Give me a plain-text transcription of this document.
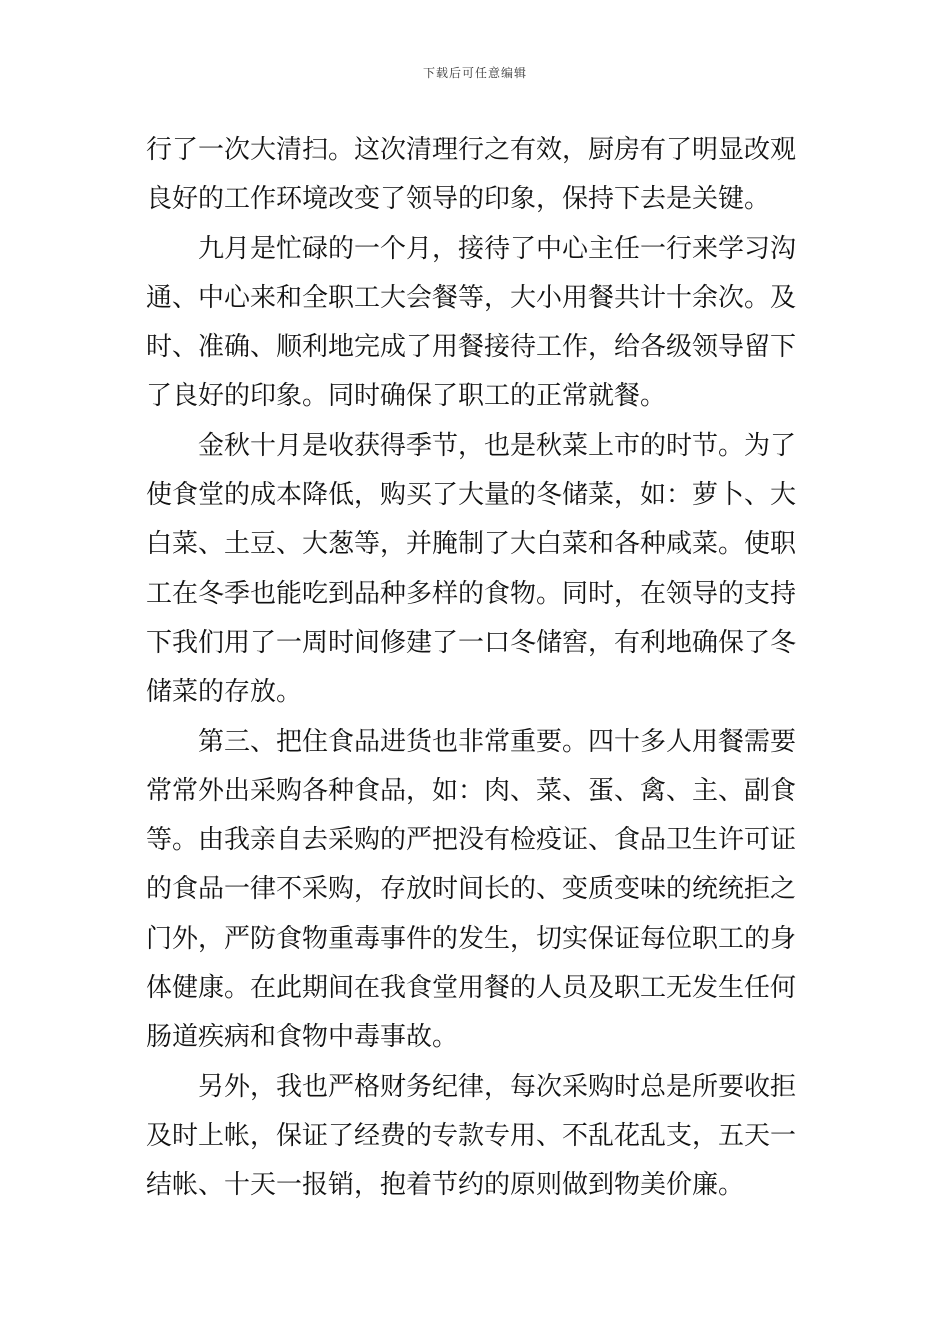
下载后可任意编辑
行了一次大清扫。这次清理行之有效，厨房有了明显改观
良好的工作环境改变了领导的印象，保持下去是关键。
九月是忙碌的一个月，接待了中心主任一行来学习沟
通、中心来和全职工大会餐等，大小用餐共计十余次。及
时、准确、顺利地完成了用餐接待工作，给各级领导留下
了良好的印象。同时确保了职工的正常就餐。
金秋十月是收获得季节，也是秋菜上市的时节。为了
使食堂的成本降低，购买了大量的冬储菜，如：萝卜、大
白菜、土豆、大葱等，并腌制了大白菜和各种咸菜。使职
工在冬季也能吃到品种多样的食物。同时，在领导的支持
下我们用了一周时间修建了一口冬储窖，有利地确保了冬
储菜的存放。
第三、把住食品进货也非常重要。四十多人用餐需要
常常外出采购各种食品，如：肉、菜、蛋、禽、主、副食
等。由我亲自去采购的严把没有检疫证、食品卫生许可证
的食品一律不采购，存放时间长的、变质变味的统统拒之
门外，严防食物重毒事件的发生，切实保证每位职工的身
体健康。在此期间在我食堂用餐的人员及职工无发生任何
肠道疾病和食物中毒事故。
另外，我也严格财务纪律，每次采购时总是所要收拒
及时上帐，保证了经费的专款专用、不乱花乱支，五天一
结帐、十天一报销，抱着节约的原则做到物美价廉。
